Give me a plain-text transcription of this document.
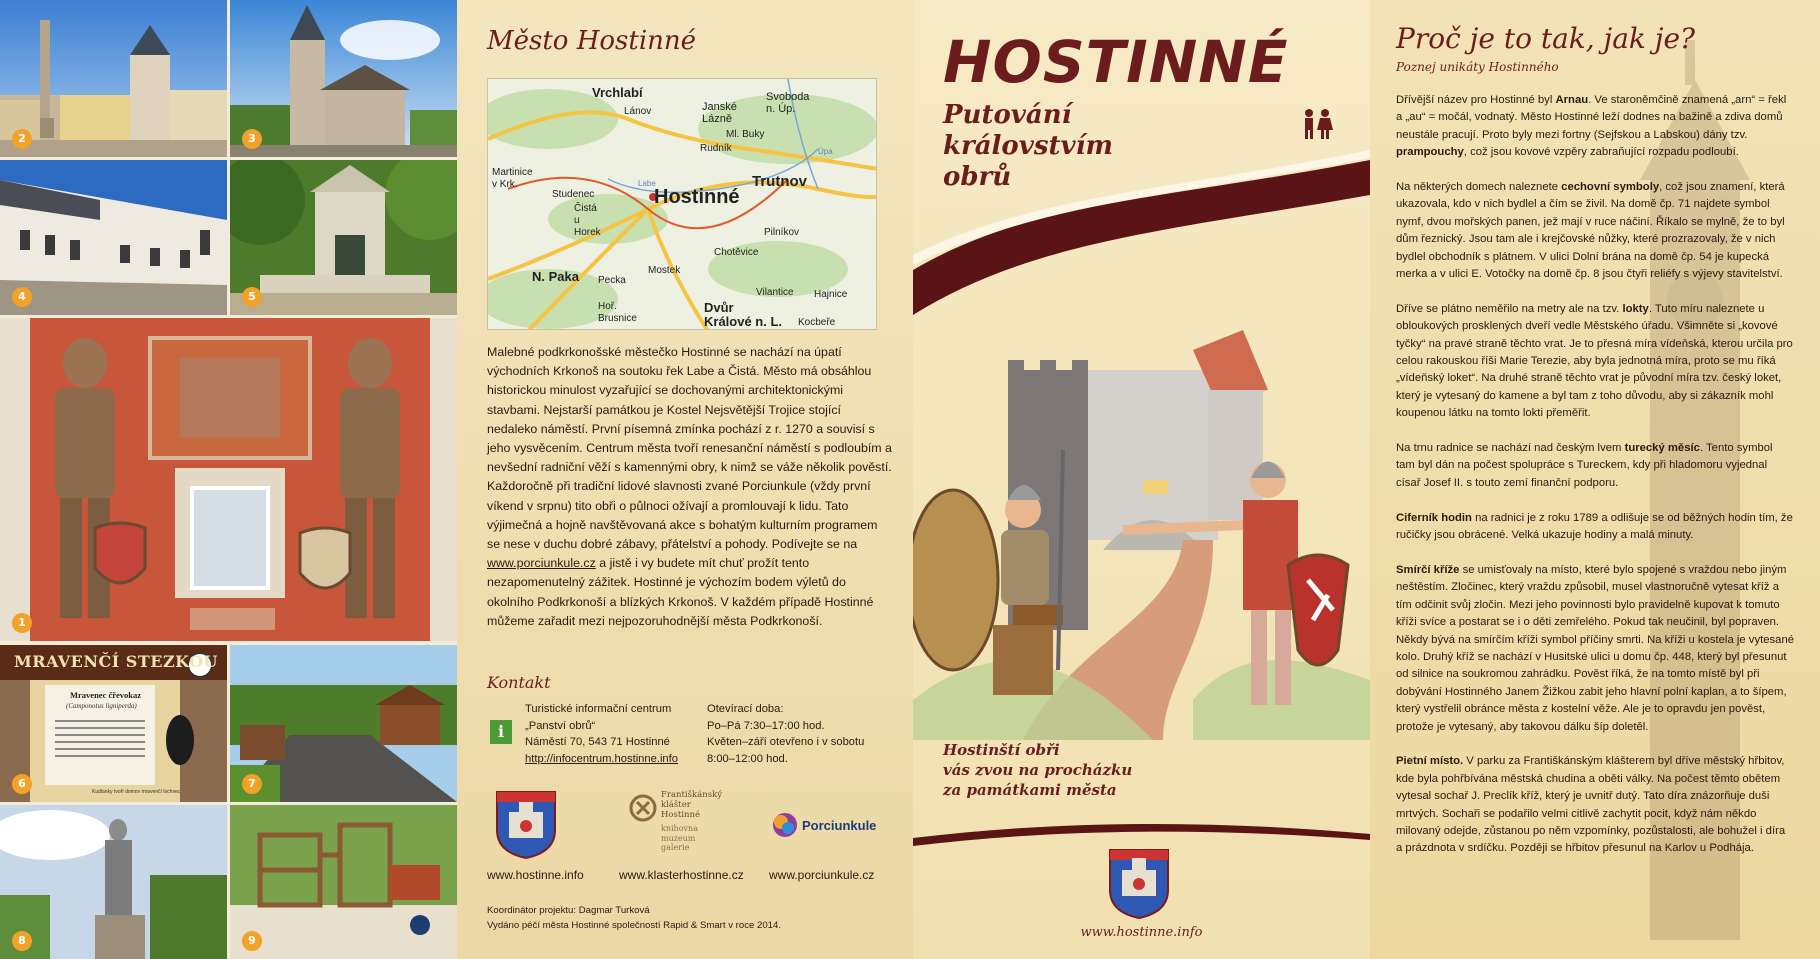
2	3
4	5
1
MRAVENČÍ STEZKOU
Mravenec čřevokaz
(Camponotus ligniperda)
Kudlanky tvoří domov mravenčí lochvec
6	7
8	9
Město Hostinné
Vrchlabí
Lánov	Janské Lázně
Svoboda n. Úp.
Ml. Buky
Rudník
Martinice v Krk.
Studenec
Čistá u Horek
Hostinné
Trutnov
Pilníkov
Chotěvice
N. Paka Pecka
Mostek
Hoř. Brusnice
Vilantice
Dvůr Králové n. L.
Hajnice
Kocbeře
Úpa
Labe
Malebné podkrkonošské městečko Hostinné se nachází na úpatí východních Krkonoš na soutoku řek Labe a Čistá. Město má obsáhlou historickou minulost vyzařující se dochovanými architektonickými stavbami. Nejstarší památkou je Kostel Nejsvětější Trojice stojící nedaleko náměstí. První písemná zmínka pochází z r. 1270 a souvisí s jeho vysvěcením. Centrum města tvoří renesanční náměstí s podloubím a nevšední radniční věží s kamennými obry, k nimž se váže několik pověstí. Každoročně při tradiční lidové slavnosti zvané Porciunkule (vždy první víkend v srpnu) tito obři o půlnoci ožívají a promlouvají k lidu. Tato výjimečná a hojně navštěvovaná akce s bohatým kulturním programem se nese v duchu dobré zábavy, přátelství a pohody. Podívejte se na www.porciunkule.cz a jistě i vy budete mít chuť prožít tento nezapomenutelný zážitek. Hostinné je výchozím bodem výletů do okolního Podkrkonoší a blízkých Krkonoš. V každém případě Hostinné můžeme zařadit mezi nejpozoruhodnější města Podkrkonoší.
Kontakt
i
Turistické informační centrum
„Panství obrů“
Náměstí 70, 543 71 Hostinné
http://infocentrum.hostinne.info
Otevírací doba:
Po–Pá 7:30–17:00 hod.
Květen–září otevřeno i v sobotu
8:00–12:00 hod.
Františkánský
klášter
Hostinné
knihovna
muzeum
galerie
Porciunkule
www.hostinne.info	www.klasterhostinne.cz www.porciunkule.cz
Koordinátor projektu: Dagmar Turková
Vydáno péčí města Hostinné společností Rapid & Smart v roce 2014.
HOSTINNÉ
Putování
královstvím
obrů
Hostinští obři
vás zvou na procházku
za památkami města
www.hostinne.info
Proč je to tak, jak je?
Poznej unikáty Hostinného

Dřívější název pro Hostinné byl Arnau. Ve staroněmčině znamená „arn“ = řekl a „au“ = močál, vodnatý. Město Hostinné leží dodnes na bažině a zdiva domů neustále pracují. Proto byly mezi fortny (Sejfskou a Labskou) dány tzv. prampouchy, což jsou kovové vzpěry zabraňující rozpadu podloubí.

Na některých domech naleznete cechovní symboly, což jsou znamení, která ukazovala, kdo v nich bydlel a čím se živil. Na domě čp. 71 najdete symbol nymf, dvou mořských panen, jež mají v ruce náčiní. Říkalo se mylně, že to byl dům řeznický. Jsou tam ale i krejčovské nůžky, které prozrazovaly, že v nich bydlel obchodník s plátnem. V ulici Dolní brána na domě čp. 54 je kupecká merka a v ulici E. Votočky na domě čp. 8 jsou čtyři reliéfy s výjevy stavitelství.

Dříve se plátno neměřilo na metry ale na tzv. lokty. Tuto míru naleznete u obloukových prosklených dveří vedle Městského úřadu. Všimněte si „kovové tyčky“ na pravé straně těchto vrat. Je to přesná míra vídeňská, kterou určila pro celou rakouskou říši Marie Terezie, aby byla jednotná míra, proto se mu říká „vídeňský loket“. Na druhé straně těchto vrat je původní míra tzv. český loket, který je vytesaný do kamene a byl tam z toho důvodu, aby si zákazník mohl koupenou látku na tomto lokti přeměřit.

Na trnu radnice se nachází nad českým lvem turecký měsíc. Tento symbol tam byl dán na počest spolupráce s Tureckem, kdy při hladomoru vyjednal císař Josef II. s touto zemí finanční podporu.

Ciferník hodin na radnici je z roku 1789 a odlišuje se od běžných hodin tím, že ručičky jsou obrácené. Velká ukazuje hodiny a malá minuty.

Smírčí kříže se umisťovaly na místo, které bylo spojené s vraždou nebo jiným neštěstím. Zločinec, který vraždu způsobil, musel vlastnoručně vytesat kříž a tím odčinit svůj zločin. Mezi jeho povinnosti bylo pravidelně kupovat k tomuto kříži svíce a postarat se i o děti zemřelého. Pokud tak neučinil, byl popraven. Někdy bývá na smírčím kříži symbol příčiny smrti. Na kříži u kostela je vytesané kolo. Druhý kříž se nachází v Husitské ulici u domu čp. 448, který byl přesunut od silnice na soukromou zahrádku. Pověst říká, že na tomto místě byl při dobývání Hostinného Janem Žižkou zabit jeho hlavní polní kaplan, a to šípem, který vystřelil obránce města z kostelní věže. Ale je to opravdu jen pověst, protože je vytesaný, aby takovou dálku šíp doletěl.

Pietní místo. V parku za Františkánským klášterem byl dříve městský hřbitov, kde byla pohřbívána městská chudina a oběti války. Na počest těmto obětem vytesal sochař J. Preclík kříž, který je uvnitř dutý. Tato díra znázorňuje duši mrtvých. Sochaři se podařilo velmi citlivě zachytit pocit, když nám někdo milovaný odejde, zůstanou po něm vzpomínky, pozůstalosti, ale bohužel i díra a prázdnota v srdíčku. Později se hřbitov přesunul na Karlov u Podhája.
